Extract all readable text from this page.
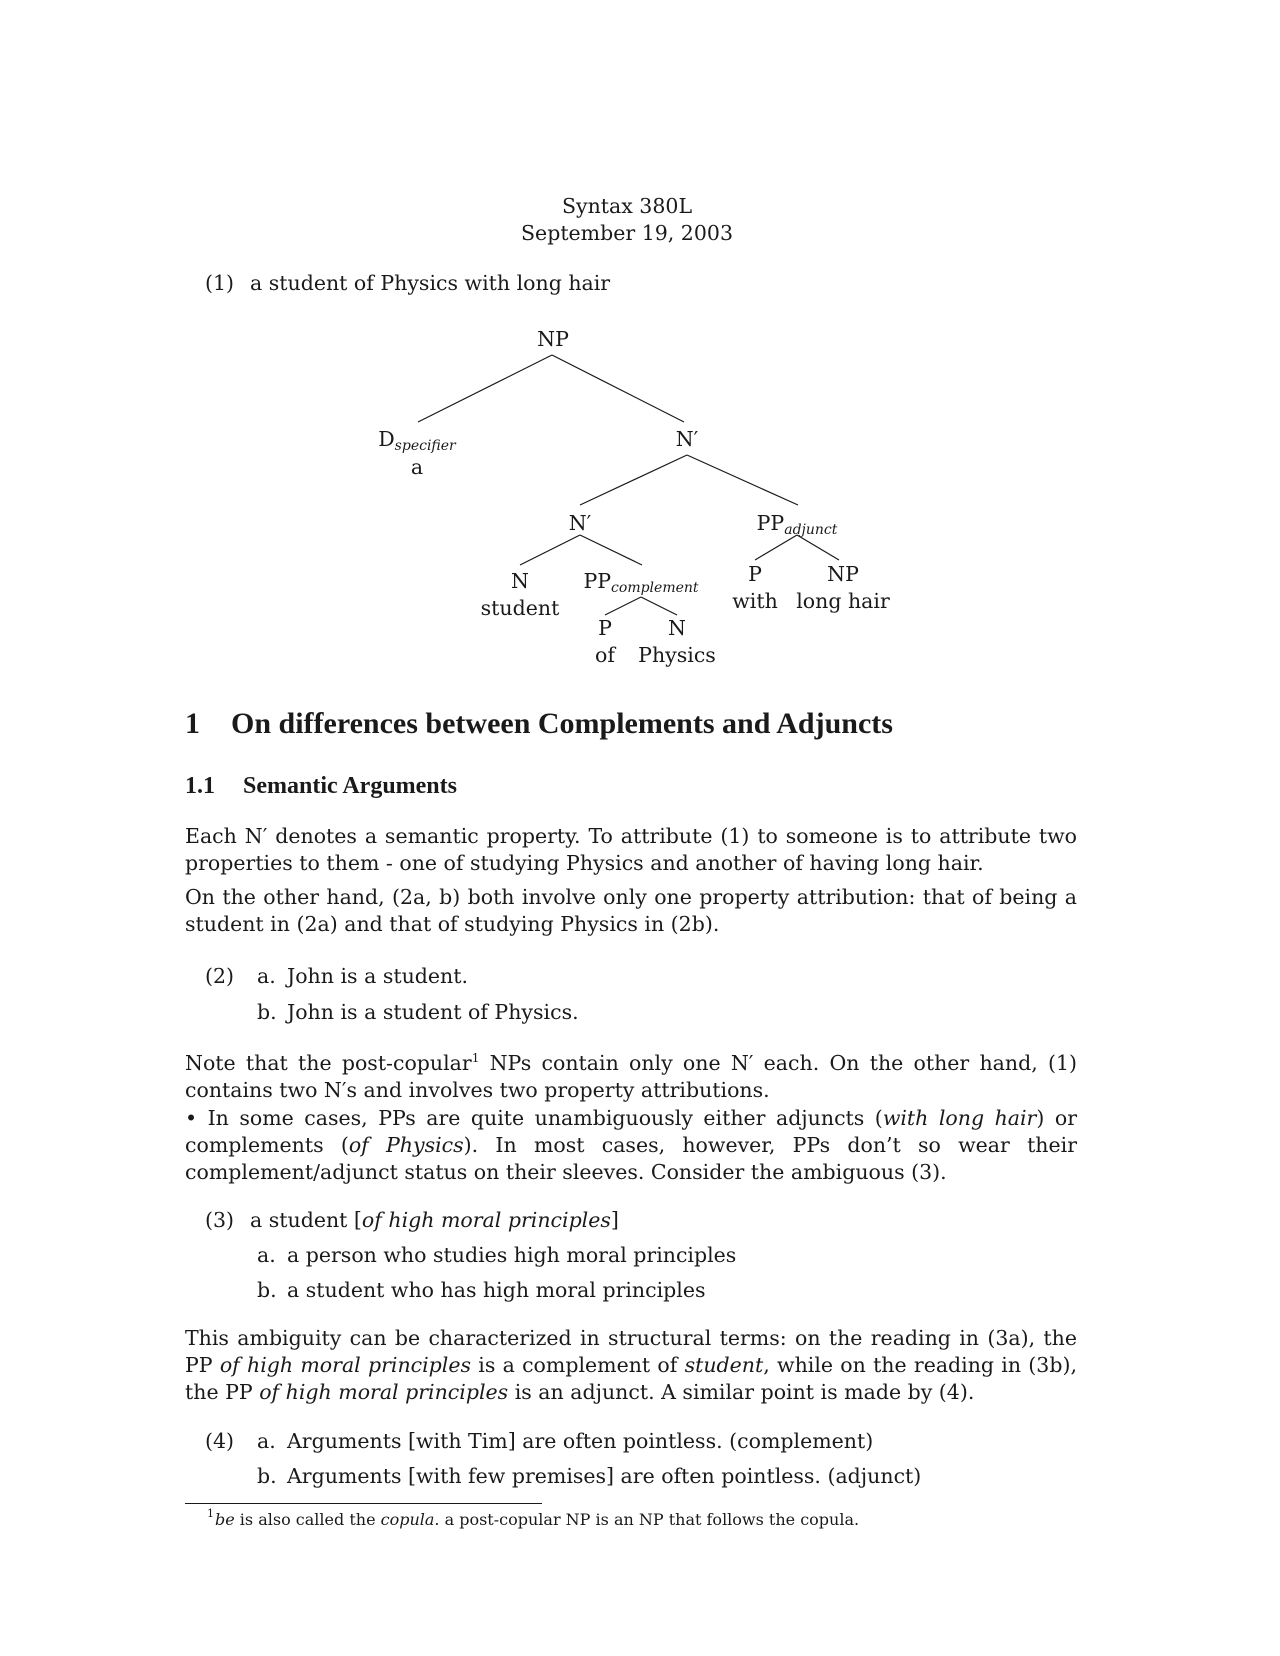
Syntax 380L
September 19, 2003
(1) a student of Physics with long hair
NP
$D_{specifier}$
a
N′
N′	$PP_{adjunct}$
N
student
$PP_{complement}$
P
of
N
Physics
P
with
NP
long hair
1 On differences between Complements and Adjuncts
1.1 Semantic Arguments
Each N′ denotes a semantic property. To attribute (1) to someone is to attribute two properties to them - one of studying Physics and another of having long hair.
On the other hand, (2a, b) both involve only one property attribution: that of being a student in (2a) and that of studying Physics in (2b).
(2) a. John is a student.
b. John is a student of Physics.
Note that the post-copular$^1$ NPs contain only one N′ each. On the other hand, (1) contains two N′s and involves two property attributions.
• In some cases, PPs are quite unambiguously either adjuncts (with long hair) or complements (of Physics). In most cases, however, PPs don’t so wear their complement/adjunct status on their sleeves. Consider the ambiguous (3).
(3) a student [of high moral principles]
a. a person who studies high moral principles
b. a student who has high moral principles
This ambiguity can be characterized in structural terms: on the reading in (3a), the PP of high moral principles is a complement of student, while on the reading in (3b), the PP of high moral principles is an adjunct. A similar point is made by (4).
(4) a. Arguments [with Tim] are often pointless. (complement)
b. Arguments [with few premises] are often pointless. (adjunct)
1 be is also called the copula. a post-copular NP is an NP that follows the copula.
